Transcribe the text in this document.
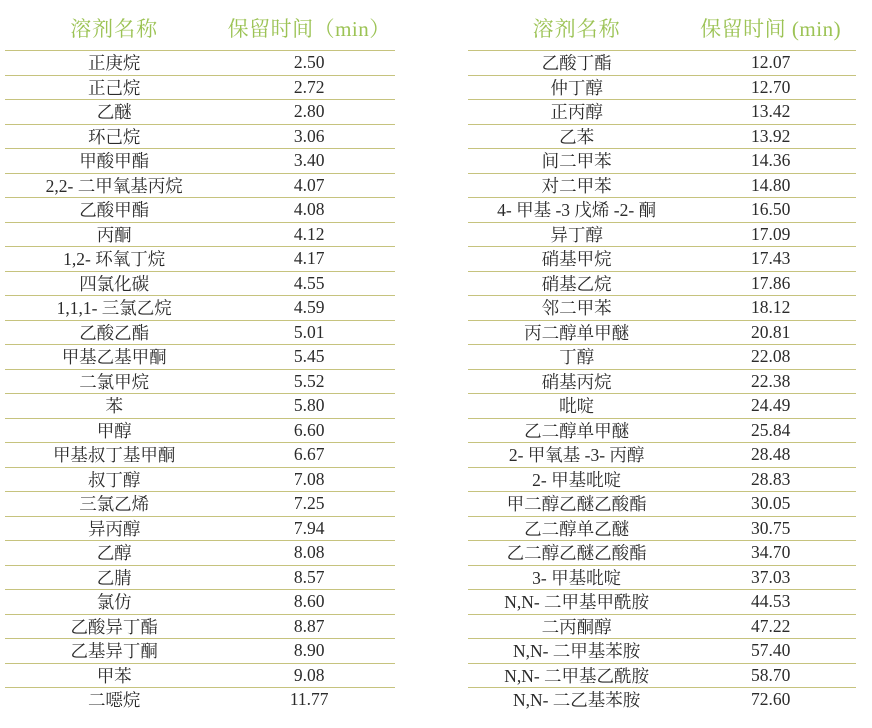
溶剂名称	保留时间（min）
正庚烷	2.50
正己烷	2.72
乙醚	2.80
环己烷	3.06
甲酸甲酯	3.40
2,2- 二甲氧基丙烷	4.07
乙酸甲酯	4.08
丙酮	4.12
1,2- 环氧丁烷	4.17
四氯化碳	4.55
1,1,1- 三氯乙烷	4.59
乙酸乙酯	5.01
甲基乙基甲酮	5.45
二氯甲烷	5.52
苯	5.80
甲醇	6.60
甲基叔丁基甲酮	6.67
叔丁醇	7.08
三氯乙烯	7.25
异丙醇	7.94
乙醇	8.08
乙腈	8.57
氯仿	8.60
乙酸异丁酯	8.87
乙基异丁酮	8.90
甲苯	9.08
二噁烷	11.77
溶剂名称	保留时间 (min)
乙酸丁酯	12.07
仲丁醇	12.70
正丙醇	13.42
乙苯	13.92
间二甲苯	14.36
对二甲苯	14.80
4- 甲基 -3 戊烯 -2- 酮	16.50
异丁醇	17.09
硝基甲烷	17.43
硝基乙烷	17.86
邻二甲苯	18.12
丙二醇单甲醚	20.81
丁醇	22.08
硝基丙烷	22.38
吡啶	24.49
乙二醇单甲醚	25.84
2- 甲氧基 -3- 丙醇	28.48
2- 甲基吡啶	28.83
甲二醇乙醚乙酸酯	30.05
乙二醇单乙醚	30.75
乙二醇乙醚乙酸酯	34.70
3- 甲基吡啶	37.03
N,N- 二甲基甲酰胺	44.53
二丙酮醇	47.22
N,N- 二甲基苯胺	57.40
N,N- 二甲基乙酰胺	58.70
N,N- 二乙基苯胺	72.60
